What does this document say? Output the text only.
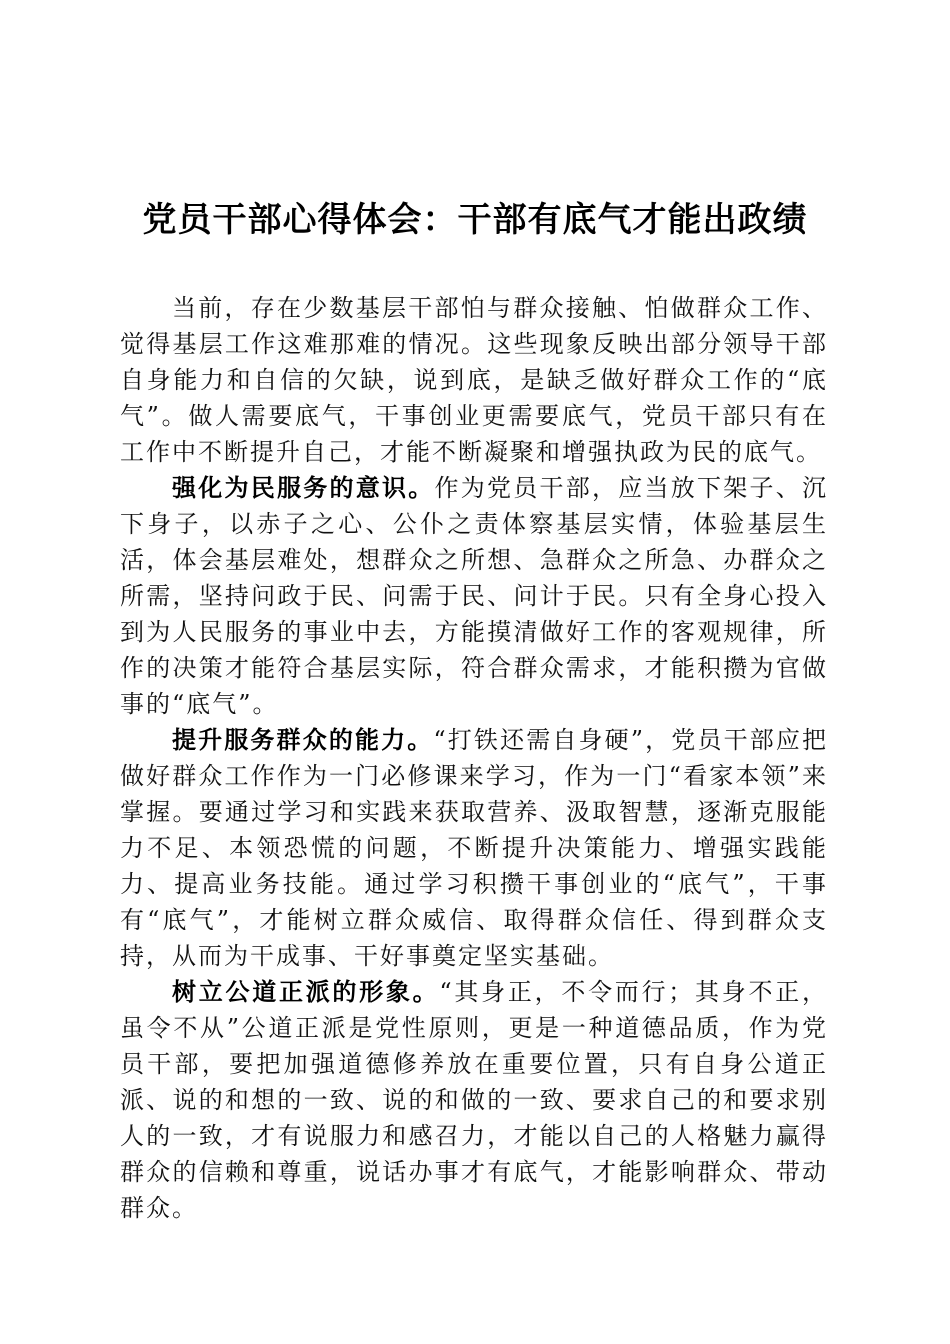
党员干部心得体会：干部有底气才能出政绩

当前，存在少数基层干部怕与群众接触、怕做群众工作、觉得基层工作这难那难的情况。这些现象反映出部分领导干部自身能力和自信的欠缺，说到底，是缺乏做好群众工作的“底气”。做人需要底气，干事创业更需要底气，党员干部只有在工作中不断提升自己，才能不断凝聚和增强执政为民的底气。

强化为民服务的意识。作为党员干部，应当放下架子、沉下身子，以赤子之心、公仆之责体察基层实情，体验基层生活，体会基层难处，想群众之所想、急群众之所急、办群众之所需，坚持问政于民、问需于民、问计于民。只有全身心投入到为人民服务的事业中去，方能摸清做好工作的客观规律，所作的决策才能符合基层实际，符合群众需求，才能积攒为官做事的“底气”。

提升服务群众的能力。“打铁还需自身硬”，党员干部应把做好群众工作作为一门必修课来学习，作为一门“看家本领”来掌握。要通过学习和实践来获取营养、汲取智慧，逐渐克服能力不足、本领恐慌的问题，不断提升决策能力、增强实践能力、提高业务技能。通过学习积攒干事创业的“底气”，干事有“底气”，才能树立群众威信、取得群众信任、得到群众支持，从而为干成事、干好事奠定坚实基础。

树立公道正派的形象。“其身正，不令而行；其身不正，虽令不从”公道正派是党性原则，更是一种道德品质，作为党员干部，要把加强道德修养放在重要位置，只有自身公道正派、说的和想的一致、说的和做的一致、要求自己的和要求别人的一致，才有说服力和感召力，才能以自己的人格魅力赢得群众的信赖和尊重，说话办事才有底气，才能影响群众、带动群众。
